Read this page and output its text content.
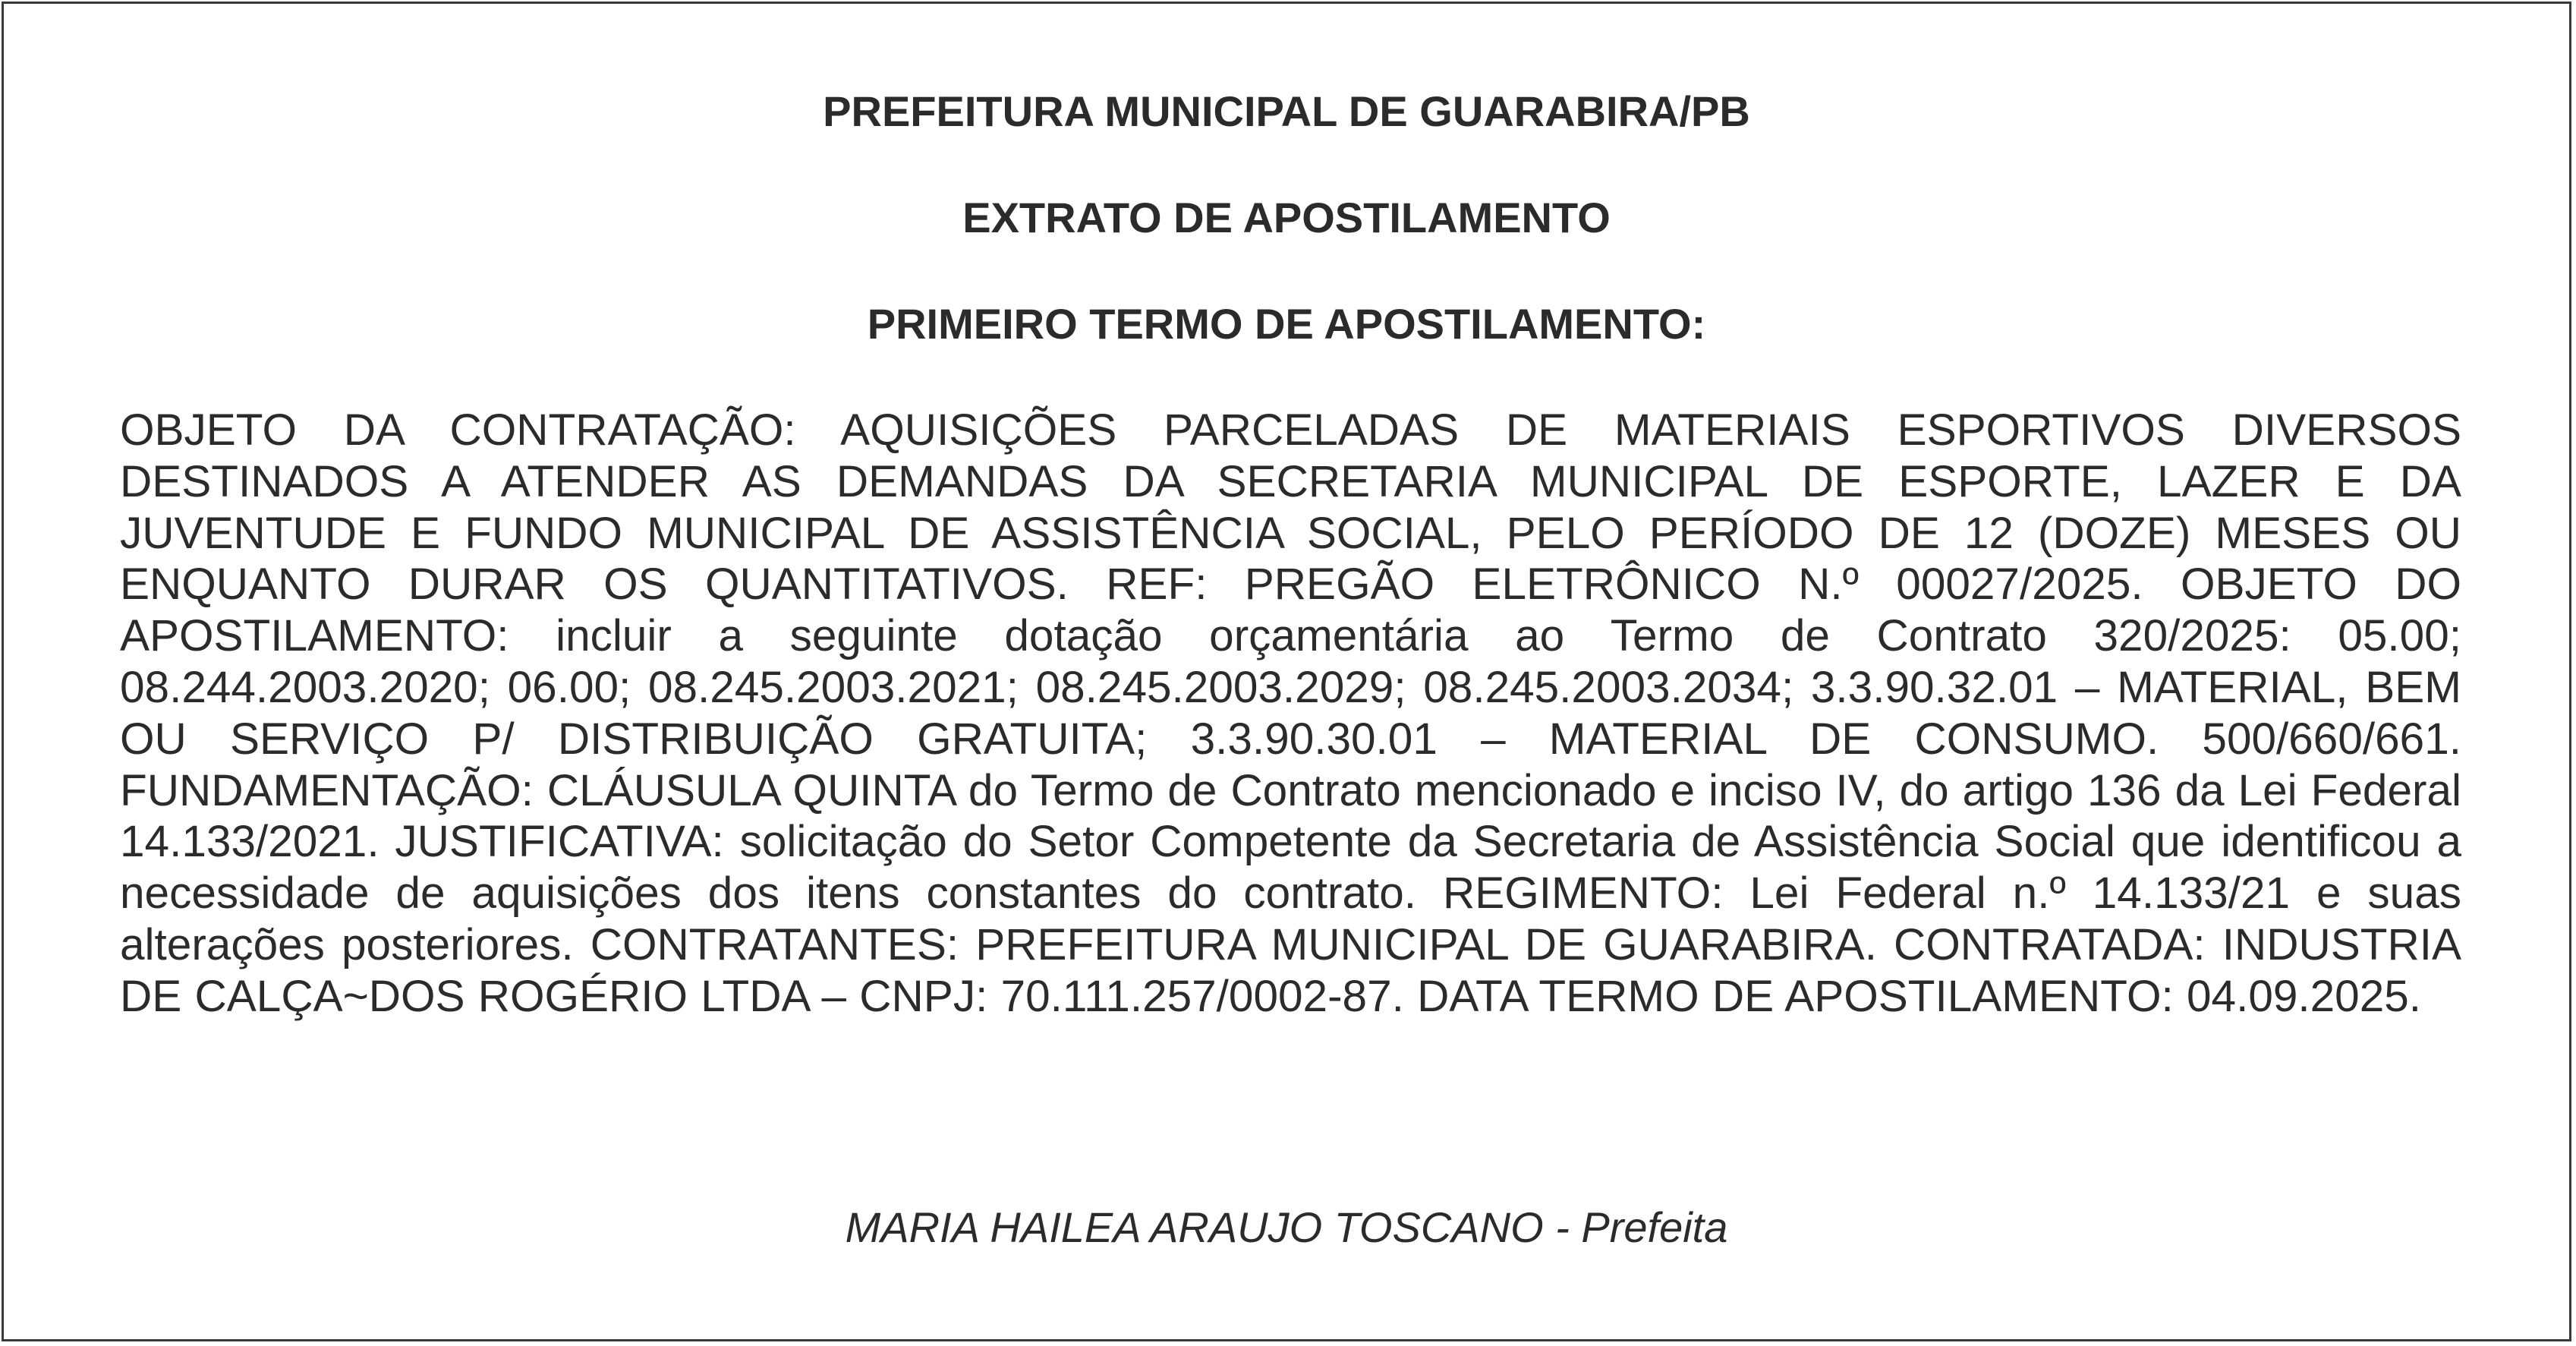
PREFEITURA MUNICIPAL DE GUARABIRA/PB
EXTRATO DE APOSTILAMENTO
PRIMEIRO TERMO DE APOSTILAMENTO:

OBJETO DA CONTRATAÇÃO: AQUISIÇÕES PARCELADAS DE MATERIAIS ESPORTIVOS DIVERSOS DESTINADOS A ATENDER AS DEMANDAS DA SECRETARIA MUNICIPAL DE ESPORTE, LAZER E DA JUVENTUDE E FUNDO MUNICIPAL DE ASSISTÊNCIA SOCIAL, PELO PERÍODO DE 12 (DOZE) MESES OU ENQUANTO DURAR OS QUANTITATIVOS. REF: PREGÃO ELETRÔNICO N.º 00027/2025. OBJETO DO APOSTILAMENTO: incluir a seguinte dotação orçamentária ao Termo de Contrato 320/2025: 05.00; 08.244.2003.2020; 06.00; 08.245.2003.2021; 08.245.2003.2029; 08.245.2003.2034; 3.3.90.32.01 – MATERIAL, BEM OU SERVIÇO P/ DISTRIBUIÇÃO GRATUITA; 3.3.90.30.01 – MATERIAL DE CONSUMO. 500/660/661. FUNDAMENTAÇÃO: CLÁUSULA QUINTA do Termo de Contrato mencionado e inciso IV, do artigo 136 da Lei Federal 14.133/2021. JUSTIFICATIVA: solicitação do Setor Competente da Secretaria de Assistência Social que identificou a necessidade de aquisições dos itens constantes do contrato. REGIMENTO: Lei Federal n.º 14.133/21 e suas alterações posteriores. CONTRATANTES: PREFEITURA MUNICIPAL DE GUARABIRA. CONTRATADA: INDUSTRIA DE CALÇA~DOS ROGÉRIO LTDA – CNPJ: 70.111.257/0002-87. DATA TERMO DE APOSTILAMENTO: 04.09.2025.

MARIA HAILEA ARAUJO TOSCANO - Prefeita
